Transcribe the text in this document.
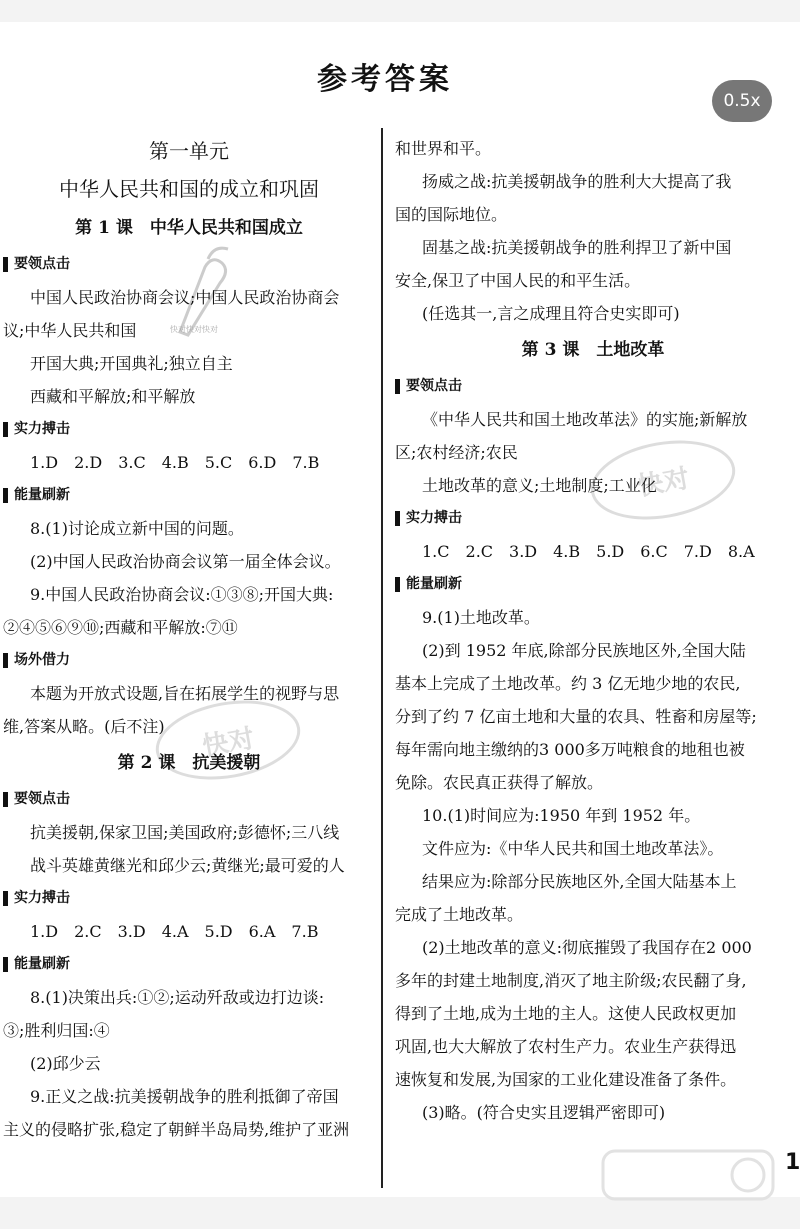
参考答案
0.5x
快对
快对
快对快对快对
第一单元
中华人民共和国的成立和巩固
第 1 课　中华人民共和国成立
要领点击
中国人民政治协商会议;中国人民政治协商会
议;中华人民共和国
开国大典;开国典礼;独立自主
西藏和平解放;和平解放
实力搏击
1.D　2.D　3.C　4.B　5.C　6.D　7.B
能量刷新
8.(1)讨论成立新中国的问题。
(2)中国人民政治协商会议第一届全体会议。
9.中国人民政治协商会议:①③⑧;开国大典:
②④⑤⑥⑨⑩;西藏和平解放:⑦⑪
场外借力
本题为开放式设题,旨在拓展学生的视野与思
维,答案从略。(后不注)
第 2 课　抗美援朝
要领点击
抗美援朝,保家卫国;美国政府;彭德怀;三八线
战斗英雄黄继光和邱少云;黄继光;最可爱的人
实力搏击
1.D　2.C　3.D　4.A　5.D　6.A　7.B
能量刷新
8.(1)决策出兵:①②;运动歼敌或边打边谈:
③;胜利归国:④
(2)邱少云
9.正义之战:抗美援朝战争的胜利抵御了帝国
主义的侵略扩张,稳定了朝鲜半岛局势,维护了亚洲
和世界和平。
扬威之战:抗美援朝战争的胜利大大提高了我
国的国际地位。
固基之战:抗美援朝战争的胜利捍卫了新中国
安全,保卫了中国人民的和平生活。
(任选其一,言之成理且符合史实即可)
第 3 课　土地改革
要领点击
《中华人民共和国土地改革法》的实施;新解放
区;农村经济;农民
土地改革的意义;土地制度;工业化
实力搏击
1.C　2.C　3.D　4.B　5.D　6.C　7.D　8.A
能量刷新
9.(1)土地改革。
(2)到 1952 年底,除部分民族地区外,全国大陆
基本上完成了土地改革。约 3 亿无地少地的农民,
分到了约 7 亿亩土地和大量的农具、牲畜和房屋等;
每年需向地主缴纳的3 000多万吨粮食的地租也被
免除。农民真正获得了解放。
10.(1)时间应为:1950 年到 1952 年。
文件应为:《中华人民共和国土地改革法》。
结果应为:除部分民族地区外,全国大陆基本上
完成了土地改革。
(2)土地改革的意义:彻底摧毁了我国存在2 000
多年的封建土地制度,消灭了地主阶级;农民翻了身,
得到了土地,成为土地的主人。这使人民政权更加
巩固,也大大解放了农村生产力。农业生产获得迅
速恢复和发展,为国家的工业化建设准备了条件。
(3)略。(符合史实且逻辑严密即可)
1
